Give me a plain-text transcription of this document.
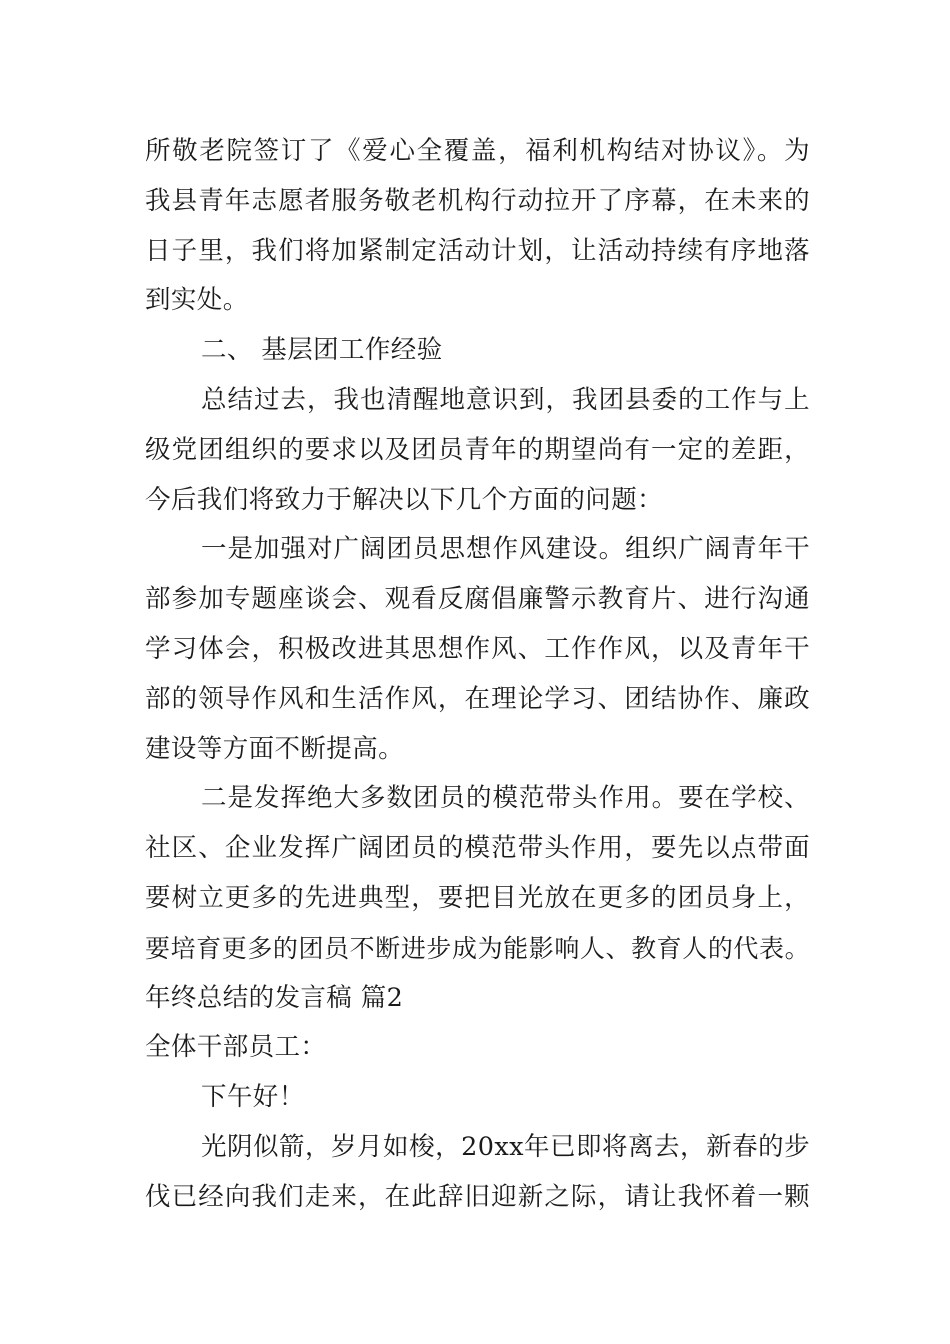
所敬老院签订了《爱心全覆盖，福利机构结对协议》。为
我县青年志愿者服务敬老机构行动拉开了序幕，在未来的
日子里，我们将加紧制定活动计划，让活动持续有序地落
到实处。
二、 基层团工作经验
总结过去，我也清醒地意识到，我团县委的工作与上
级党团组织的要求以及团员青年的期望尚有一定的差距，
今后我们将致力于解决以下几个方面的问题：
一是加强对广阔团员思想作风建设。组织广阔青年干
部参加专题座谈会、观看反腐倡廉警示教育片、进行沟通
学习体会，积极改进其思想作风、工作作风，以及青年干
部的领导作风和生活作风，在理论学习、团结协作、廉政
建设等方面不断提高。
二是发挥绝大多数团员的模范带头作用。要在学校、
社区、企业发挥广阔团员的模范带头作用，要先以点带面
要树立更多的先进典型，要把目光放在更多的团员身上，
要培育更多的团员不断进步成为能影响人、教育人的代表。
年终总结的发言稿 篇2
全体干部员工：
下午好！
光阴似箭，岁月如梭，20xx年已即将离去，新春的步
伐已经向我们走来，在此辞旧迎新之际，请让我怀着一颗
